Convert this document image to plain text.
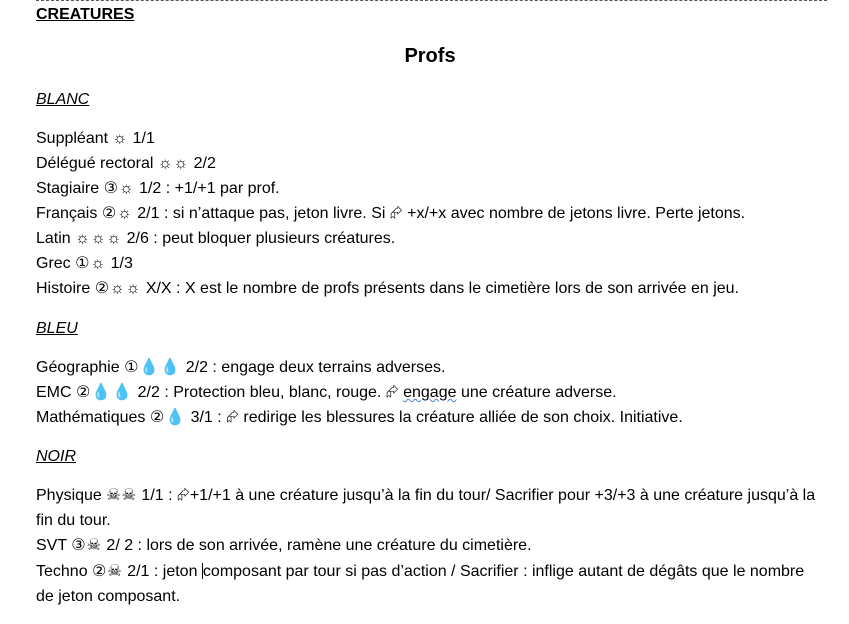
CREATURES
Profs
BLANC
Suppléant ☼ 1/1
Délégué rectoral ☼☼ 2/2
Stagiaire ③☼ 1/2 : +1/+1 par prof.
Français ②☼ 2/1 : si n’attaque pas, jeton livre. Si ⮳ +x/+x avec nombre de jetons livre. Perte jetons.
Latin ☼☼☼ 2/6 : peut bloquer plusieurs créatures.
Grec ①☼ 1/3
Histoire ②☼☼ X/X : X est le nombre de profs présents dans le cimetière lors de son arrivée en jeu.
BLEU
Géographie ①💧💧 2/2 : engage deux terrains adverses.
EMC ②💧💧 2/2 : Protection bleu, blanc, rouge. ⮳ engage une créature adverse.
Mathématiques ②💧 3/1 : ⮳ redirige les blessures la créature alliée de son choix. Initiative.
NOIR
Physique ☠☠ 1/1 : ⮳+1/+1 à une créature jusqu’à la fin du tour/ Sacrifier pour +3/+3 à une créature jusqu’à la fin du tour.
SVT ③☠ 2/ 2 : lors de son arrivée, ramène une créature du cimetière.
Techno ②☠ 2/1 : jeton composant par tour si pas d’action / Sacrifier : inflige autant de dégâts que le nombre de jeton composant.
